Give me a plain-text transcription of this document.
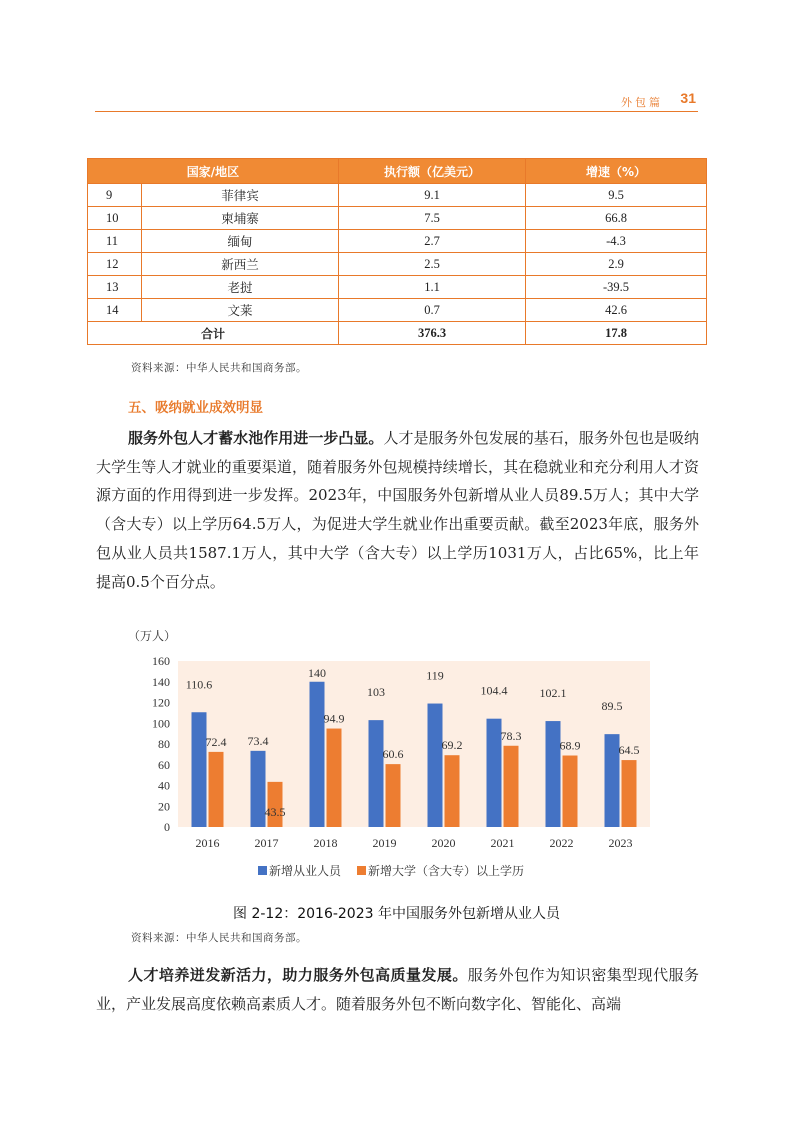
外包篇 31
国家/地区		执行额（亿美元）	增速（%）
9	菲律宾	9.1	9.5
10	柬埔寨	7.5	66.8
11	缅甸	2.7	-4.3
12	新西兰	2.5	2.9
13	老挝	1.1	-39.5
14	文莱	0.7	42.6
合计		376.3	17.8
资料来源：中华人民共和国商务部。
五、吸纳就业成效明显
服务外包人才蓄水池作用进一步凸显。人才是服务外包发展的基石，服务外包也是吸纳大学生等人才就业的重要渠道，随着服务外包规模持续增长，其在稳就业和充分利用人才资源方面的作用得到进一步发挥。2023年，中国服务外包新增从业人员89.5万人；其中大学（含大专）以上学历64.5万人，为促进大学生就业作出重要贡献。截至2023年底，服务外包从业人员共1587.1万人，其中大学（含大专）以上学历1031万人，占比65%，比上年提高0.5个百分点。
（万人）
0
20
40
60
80
100
120
140
160
2016
110.6
72.4
2017
73.4
43.5
2018
140
94.9
2019
103
60.6
2020
119
69.2
2021
104.4
78.3
2022
102.1
68.9
2023
89.5
64.5
新增从业人员 新增大学（含大专）以上学历
图 2-12：2016-2023 年中国服务外包新增从业人员
资料来源：中华人民共和国商务部。
人才培养迸发新活力，助力服务外包高质量发展。服务外包作为知识密集型现代服务业，产业发展高度依赖高素质人才。随着服务外包不断向数字化、智能化、高端
